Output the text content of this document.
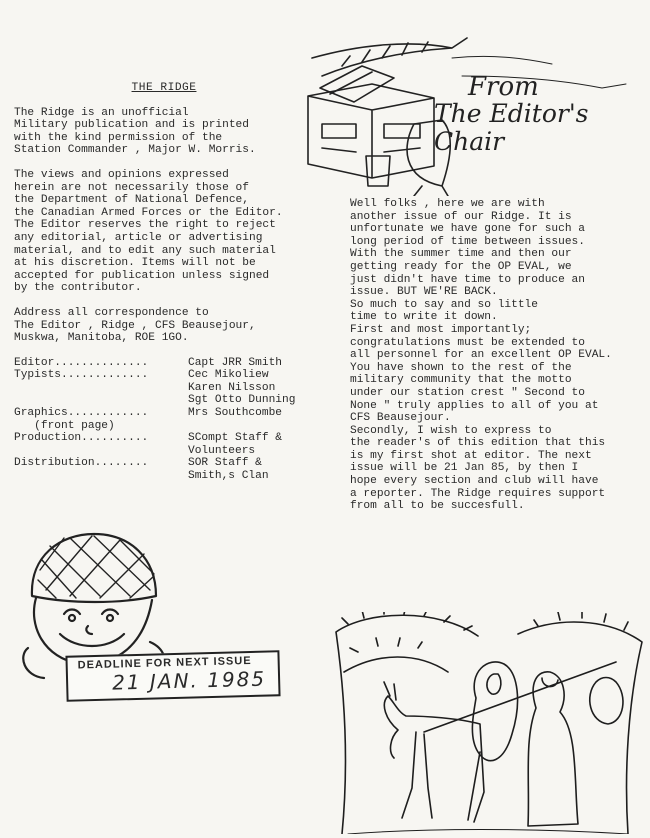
THE RIDGE

The Ridge is an unofficial
Military publication and is printed
with the kind permission of the
Station Commander , Major W. Morris.

The views and opinions expressed
herein are not necessarily those of
the Department of National Defence,
the Canadian Armed Forces or the Editor.
The Editor reserves the right to reject
any editorial, article or advertising
material, and to edit any such material
at his discretion. Items will not be
accepted for publication unless signed
by the contributor.

Address all correspondence to
The Editor , Ridge , CFS Beausejour,
Muskwa, Manitoba, ROE 1GO.

Editor..............	Capt JRR Smith
Typists.............	Cec Mikoliew
Karen Nilsson
Sgt Otto Dunning
Graphics............	Mrs Southcombe
(front page)
Production..........	SCompt Staff &
Volunteers
Distribution........	SOR Staff &
Smith,s Clan
From
The Editor's Chair

Well folks , here we are with
another issue of our Ridge. It is
unfortunate we have gone for such a
long period of time between issues.
With the summer time and then our
getting ready for the OP EVAL, we
just didn't have time to produce an
issue. BUT WE'RE BACK.
So much to say and so little
time to write it down.
First and most importantly;
congratulations must be extended to
all personnel for an excellent OP EVAL.
You have shown to the rest of the
military community that the motto
under our station crest " Second to
None " truly applies to all of you at
CFS Beausejour.
Secondly, I wish to express to
the reader's of this edition that this
is my first shot at editor. The next
issue will be 21 Jan 85, by then I
hope every section and club will have
a reporter. The Ridge requires support
from all to be succesfull.

DEADLINE FOR NEXT ISSUE
21 JAN. 1985
